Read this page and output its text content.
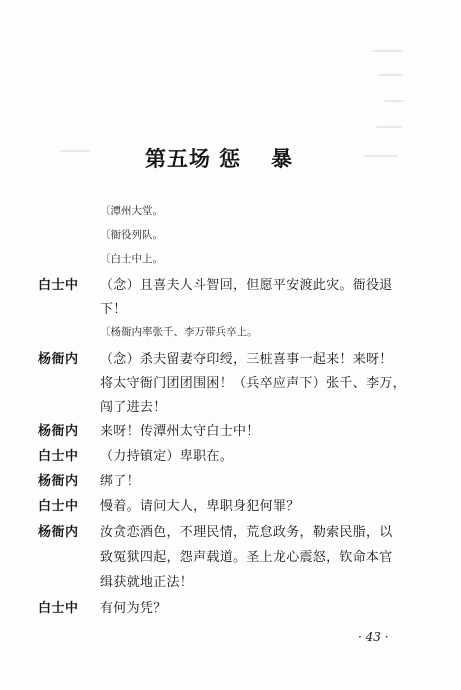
第五场 惩 暴
〔潭州大堂。
〔衙役列队。
〔白士中上。
白士中 （念）且喜夫人斗智回，但愿平安渡此灾。衙役退
下！
〔杨衙内率张千、李万带兵卒上。
杨衙内 （念）杀夫留妻夺印绶，三桩喜事一起来！来呀！
将太守衙门团团围困！（兵卒应声下）张千、李万，
闯了进去！
杨衙内 来呀！传潭州太守白士中！
白士中 （力持镇定）卑职在。
杨衙内 绑了！
白士中 慢着。请问大人，卑职身犯何罪？
杨衙内 汝贪恋酒色，不理民情，荒怠政务，勒索民脂，以
致冤狱四起，怨声载道。圣上龙心震怒，钦命本官
缉获就地正法！
白士中 有何为凭？
· 43 ·
